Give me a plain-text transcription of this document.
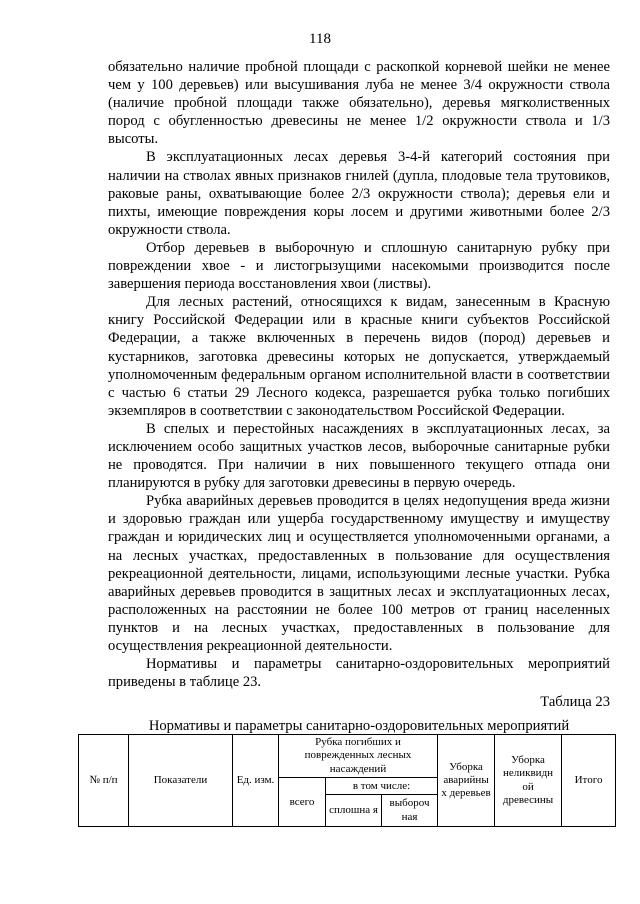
118

обязательно наличие пробной площади с раскопкой корневой шейки не менее чем у 100 деревьев) или высушивания луба не менее 3/4 окружности ствола (наличие пробной площади также обязательно), деревья мягколиственных пород с обугленностью древесины не менее 1/2 окружности ствола и 1/3 высоты.

В эксплуатационных лесах деревья 3-4-й категорий состояния при наличии на стволах явных признаков гнилей (дупла, плодовые тела трутовиков, раковые раны, охватывающие более 2/3 окружности ствола); деревья ели и пихты, имеющие повреждения коры лосем и другими животными более 2/3 окружности ствола.

Отбор деревьев в выборочную и сплошную санитарную рубку при повреждении хвое - и листогрызущими насекомыми производится после завершения периода восстановления хвои (листвы).

Для лесных растений, относящихся к видам, занесенным в Красную книгу Российской Федерации или в красные книги субъектов Российской Федерации, а также включенных в перечень видов (пород) деревьев и кустарников, заготовка древесины которых не допускается, утверждаемый уполномоченным федеральным органом исполнительной власти в соответствии с частью 6 статьи 29 Лесного кодекса, разрешается рубка только погибших экземпляров в соответствии с законодательством Российской Федерации.

В спелых и перестойных насаждениях в эксплуатационных лесах, за исключением особо защитных участков лесов, выборочные санитарные рубки не проводятся. При наличии в них повышенного текущего отпада они планируются в рубку для заготовки древесины в первую очередь.

Рубка аварийных деревьев проводится в целях недопущения вреда жизни и здоровью граждан или ущерба государственному имуществу и имуществу граждан и юридических лиц и осуществляется уполномоченными органами, а на лесных участках, предоставленных в пользование для осуществления рекреационной деятельности, лицами, использующими лесные участки. Рубка аварийных деревьев проводится в защитных лесах и эксплуатационных лесах, расположенных на расстоянии не более 100 метров от границ населенных пунктов и на лесных участках, предоставленных в пользование для осуществления рекреационной деятельности.

Нормативы и параметры санитарно-оздоровительных мероприятий приведены в таблице 23.

Таблица 23

Нормативы и параметры санитарно-оздоровительных мероприятий

№ п/п	Показатели	Ед. изм.	Рубка погибших и поврежденных лесных насаждений			Уборка аварийны х деревьев	Уборка неликвидн ой древесины	Итого
			всего	в том числе:				
				сплошна я	выбороч ная			
